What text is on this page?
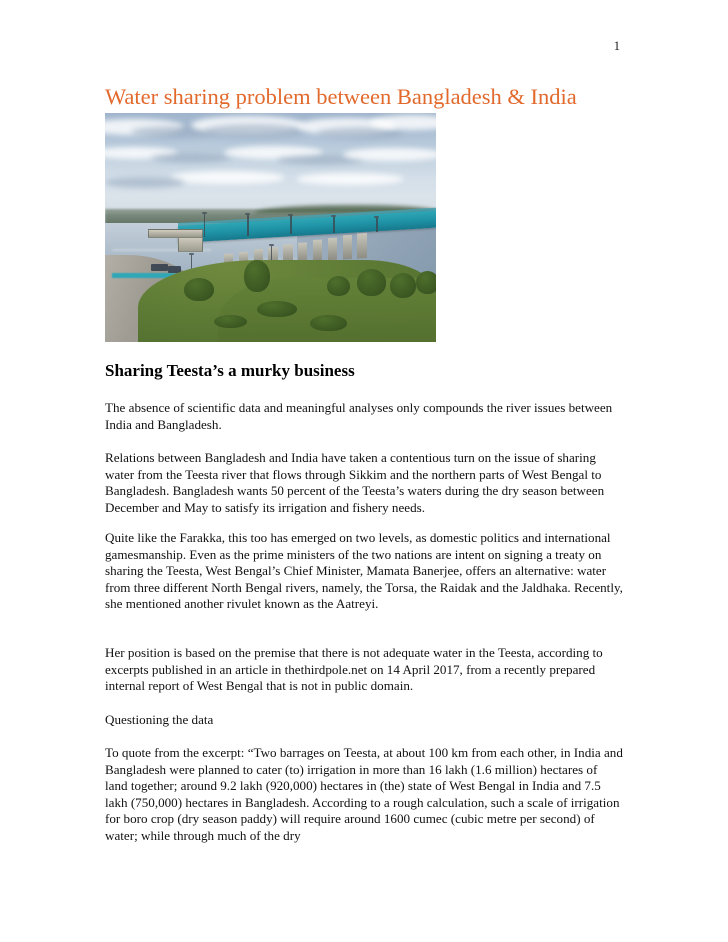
1
Water sharing problem between Bangladesh & India
Sharing Teesta’s a murky business
The absence of scientific data and meaningful analyses only compounds the river issues between India and Bangladesh.
Relations between Bangladesh and India have taken a contentious turn on the issue of sharing water from the Teesta river that flows through Sikkim and the northern parts of West Bengal to Bangladesh. Bangladesh wants 50 percent of the Teesta’s waters during the dry season between December and May to satisfy its irrigation and fishery needs.
Quite like the Farakka, this too has emerged on two levels, as domestic politics and international gamesmanship. Even as the prime ministers of the two nations are intent on signing a treaty on sharing the Teesta, West Bengal’s Chief Minister, Mamata Banerjee, offers an alternative: water from three different North Bengal rivers, namely, the Torsa, the Raidak and the Jaldhaka. Recently, she mentioned another rivulet known as the Aatreyi.
Her position is based on the premise that there is not adequate water in the Teesta, according to excerpts published in an article in thethirdpole.net on 14 April 2017, from a recently prepared internal report of West Bengal that is not in public domain.
Questioning the data
To quote from the excerpt: “Two barrages on Teesta, at about 100 km from each other, in India and Bangladesh were planned to cater (to) irrigation in more than 16 lakh (1.6 million) hectares of land together; around 9.2 lakh (920,000) hectares in (the) state of West Bengal in India and 7.5 lakh (750,000) hectares in Bangladesh. According to a rough calculation, such a scale of irrigation for boro crop (dry season paddy) will require around 1600 cumec (cubic metre per second) of water; while through much of the dry
